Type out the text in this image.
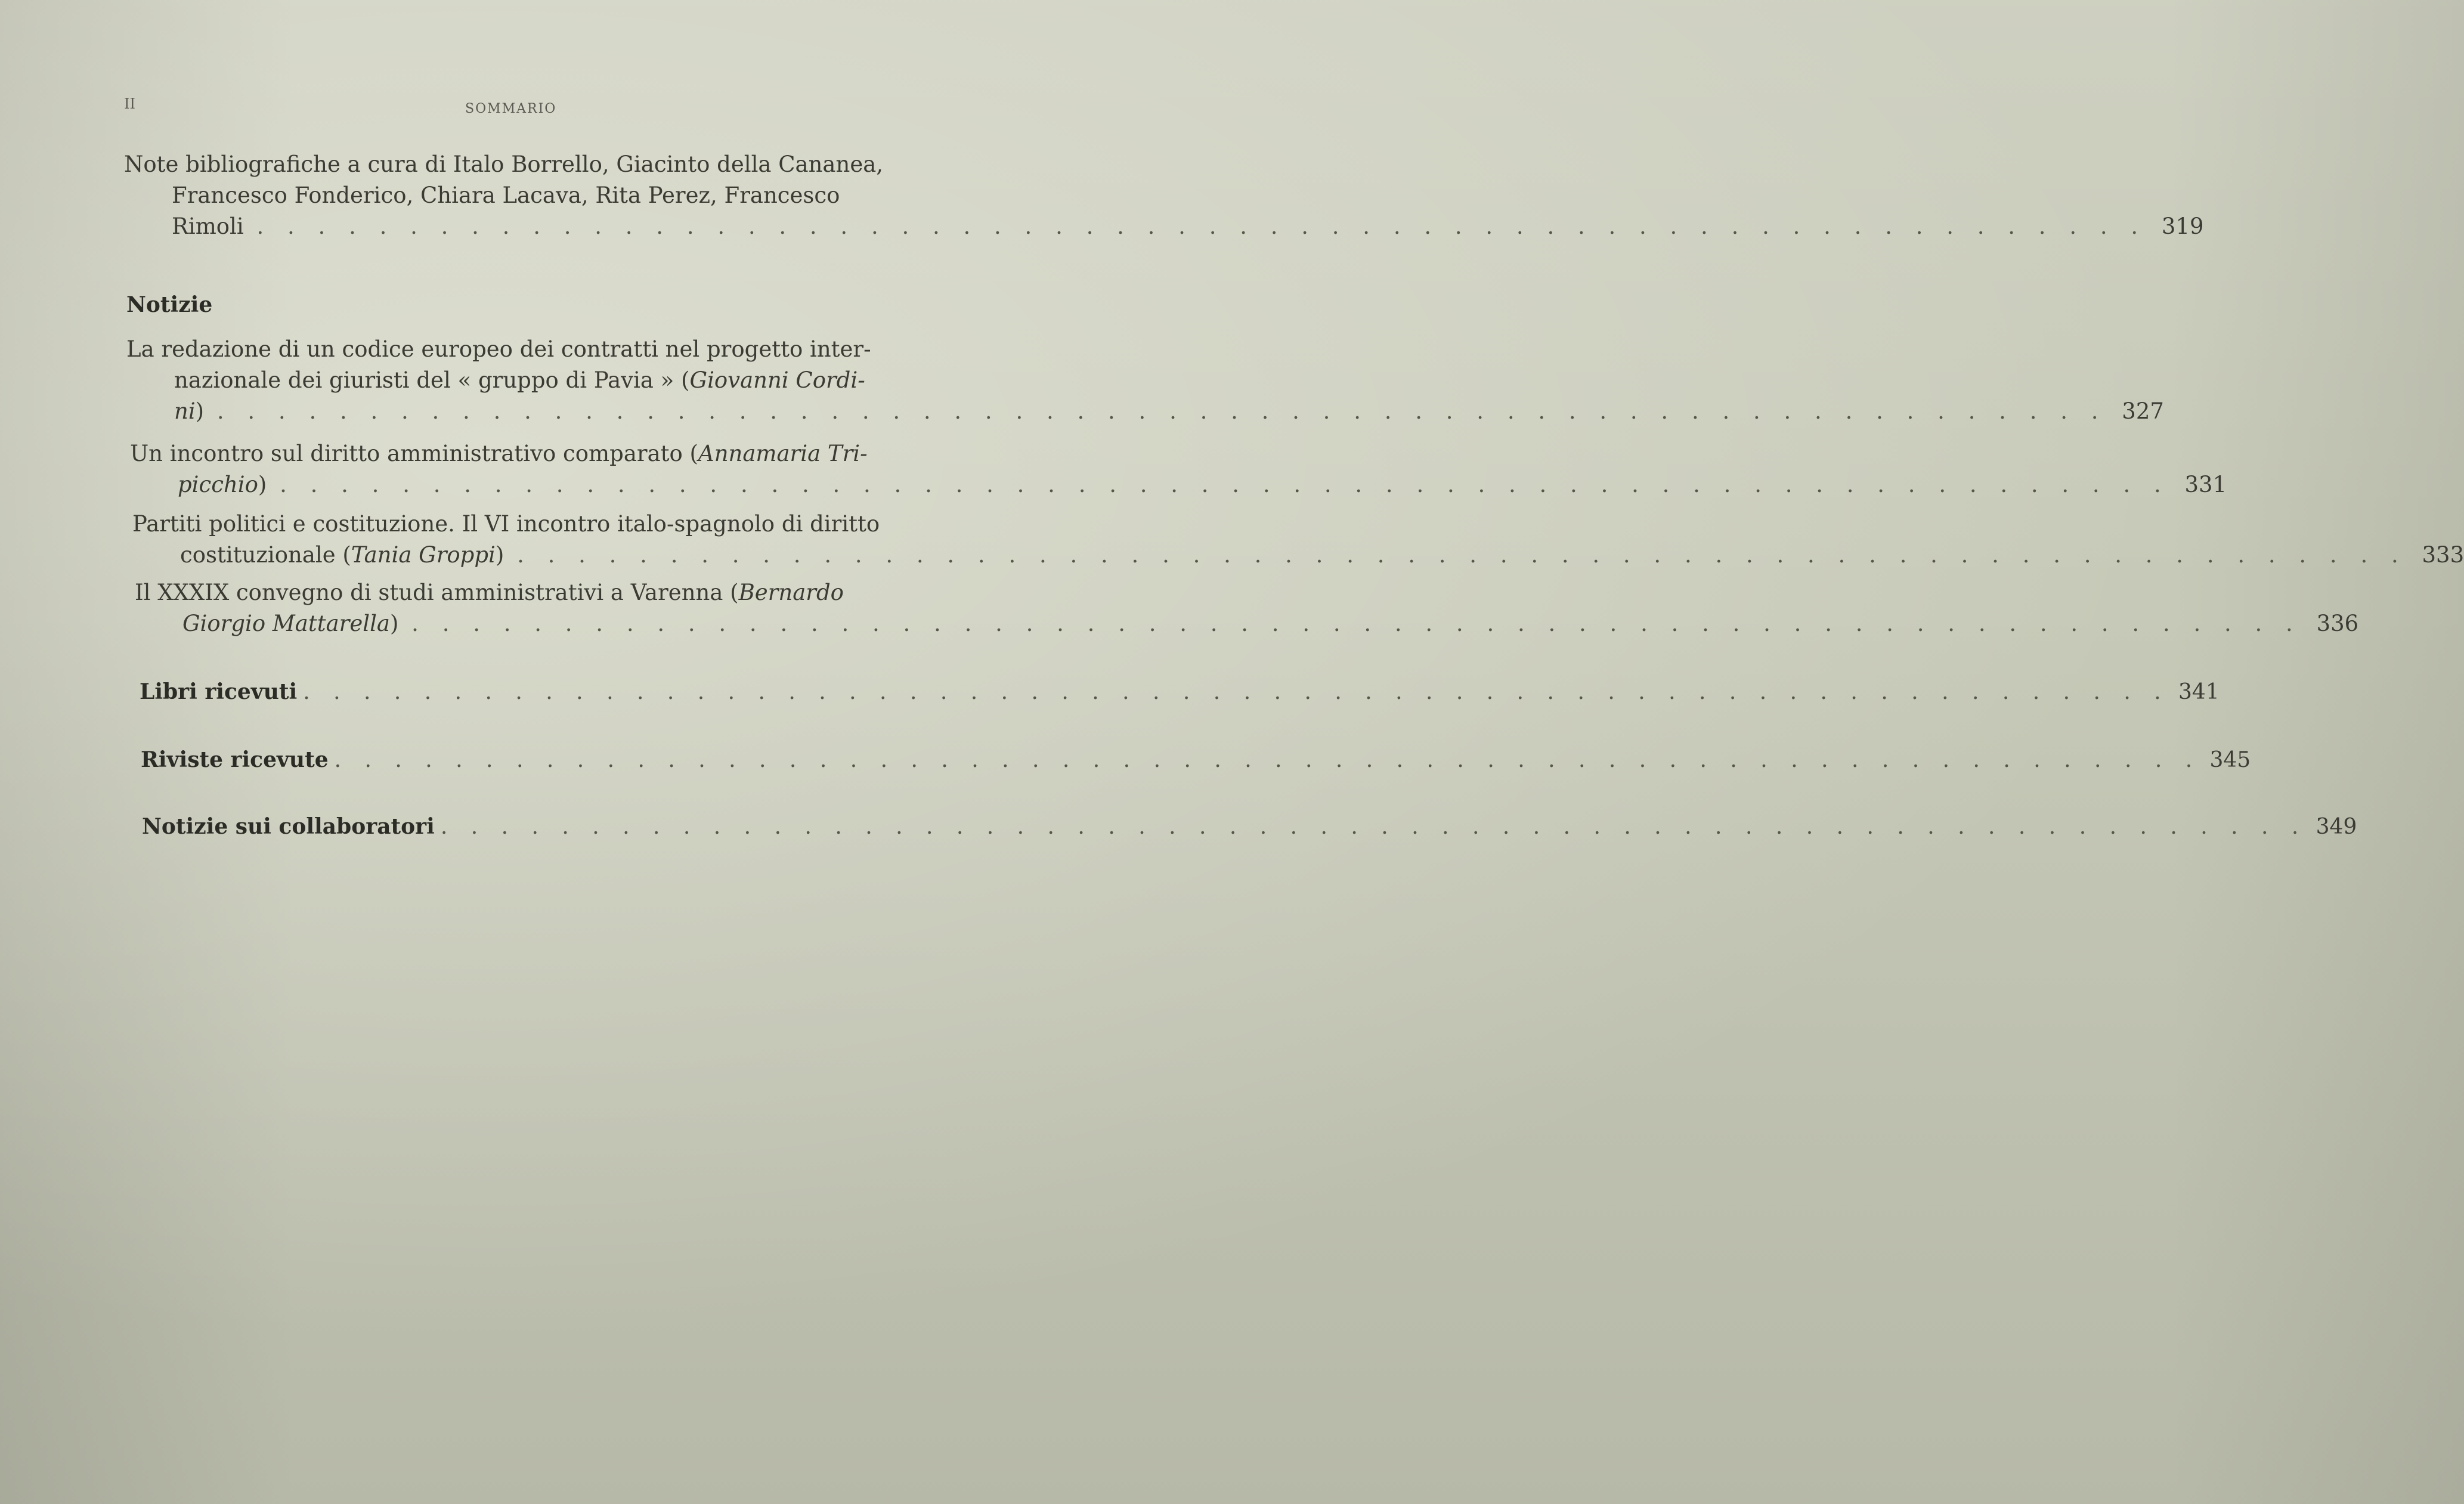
II	SOMMARIO
Note bibliografiche a cura di Italo Borrello, Giacinto della Cananea,
Francesco Fonderico, Chiara Lacava, Rita Perez, Francesco
Rimoli . . . . . . . . . . . . . . . . . . . . . . . . . . . . . . . . . . . . . . . . . . . . . . . . . . . . . . . . . . . . . . 319
Notizie
La redazione di un codice europeo dei contratti nel progetto inter-
nazionale dei giuristi del « gruppo di Pavia » (Giovanni Cordi-
ni) . . . . . . . . . . . . . . . . . . . . . . . . . . . . . . . . . . . . . . . . . . . . . . . . . . . . . . . . . . . . . . 327
Un incontro sul diritto amministrativo comparato (Annamaria Tri-
picchio) . . . . . . . . . . . . . . . . . . . . . . . . . . . . . . . . . . . . . . . . . . . . . . . . . . . . . . . . . . . . . . 331
Partiti politici e costituzione. Il VI incontro italo-spagnolo di diritto
costituzionale (Tania Groppi) . . . . . . . . . . . . . . . . . . . . . . . . . . . . . . . . . . . . . . . . . . . . . . . . . . . . . . . . . . . . . . 333
Il XXXIX convegno di studi amministrativi a Varenna (Bernardo
Giorgio Mattarella) . . . . . . . . . . . . . . . . . . . . . . . . . . . . . . . . . . . . . . . . . . . . . . . . . . . . . . . . . . . . . . 336
Libri ricevuti . . . . . . . . . . . . . . . . . . . . . . . . . . . . . . . . . . . . . . . . . . . . . . . . . . . . . . . . . . . . . . 341
Riviste ricevute . . . . . . . . . . . . . . . . . . . . . . . . . . . . . . . . . . . . . . . . . . . . . . . . . . . . . . . . . . . . . . 345
Notizie sui collaboratori . . . . . . . . . . . . . . . . . . . . . . . . . . . . . . . . . . . . . . . . . . . . . . . . . . . . . . . . . . . . . . 349
